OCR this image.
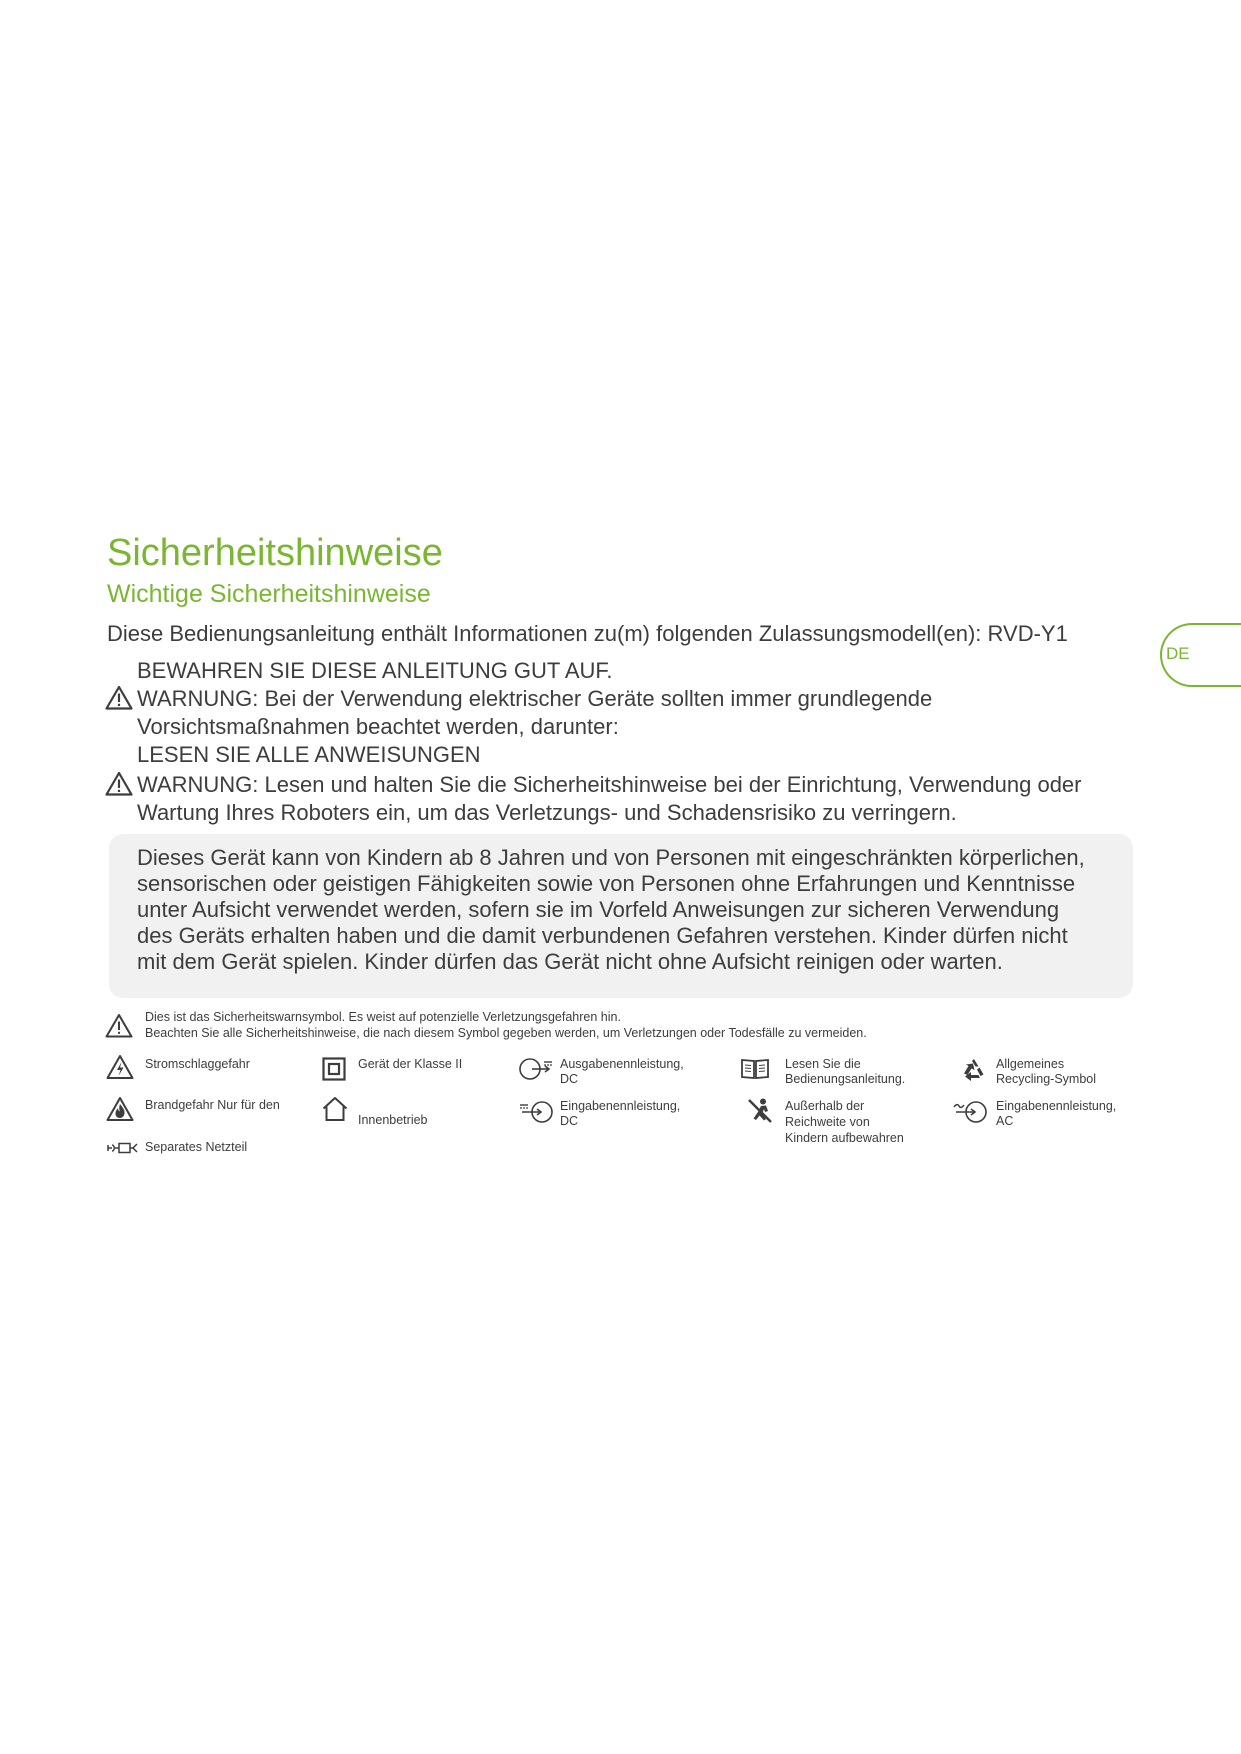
Sicherheitshinweise
Wichtige Sicherheitshinweise
Diese Bedienungsanleitung enthält Informationen zu(m) folgenden Zulassungsmodell(en): RVD-Y1
DE
BEWAHREN SIE DIESE ANLEITUNG GUT AUF.
WARNUNG: Bei der Verwendung elektrischer Geräte sollten immer grundlegende
Vorsichtsmaßnahmen beachtet werden, darunter:
LESEN SIE ALLE ANWEISUNGEN
WARNUNG: Lesen und halten Sie die Sicherheitshinweise bei der Einrichtung, Verwendung oder
Wartung Ihres Roboters ein, um das Verletzungs- und Schadensrisiko zu verringern.
Dieses Gerät kann von Kindern ab 8 Jahren und von Personen mit eingeschränkten körperlichen,
sensorischen oder geistigen Fähigkeiten sowie von Personen ohne Erfahrungen und Kenntnisse
unter Aufsicht verwendet werden, sofern sie im Vorfeld Anweisungen zur sicheren Verwendung
des Geräts erhalten haben und die damit verbundenen Gefahren verstehen. Kinder dürfen nicht
mit dem Gerät spielen. Kinder dürfen das Gerät nicht ohne Aufsicht reinigen oder warten.
Dies ist das Sicherheitswarnsymbol. Es weist auf potenzielle Verletzungsgefahren hin.
Beachten Sie alle Sicherheitshinweise, die nach diesem Symbol gegeben werden, um Verletzungen oder Todesfälle zu vermeiden.
Stromschlaggefahr	Gerät der Klasse II	Ausgabenennleistung,
DC
Lesen Sie die
Bedienungsanleitung.
Allgemeines
Recycling-Symbol
Brandgefahr Nur für den
Innenbetrieb
Eingabenennleistung,
DC
Außerhalb der
Reichweite von
Kindern aufbewahren
Eingabenennleistung,
AC
Separates Netzteil
